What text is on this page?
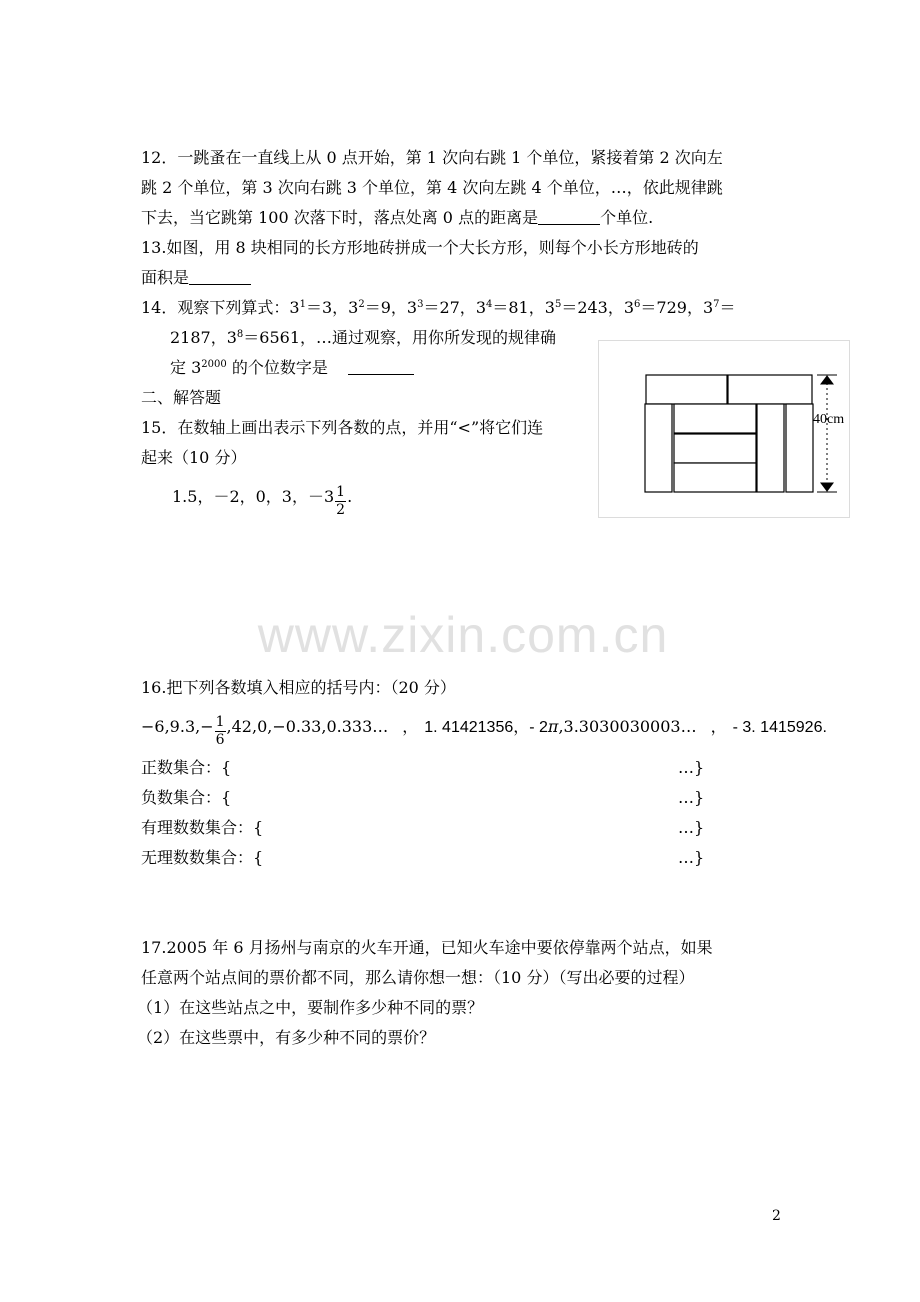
12．一跳蚤在一直线上从 0 点开始，第 1 次向右跳 1 个单位，紧接着第 2 次向左
跳 2 个单位，第 3 次向右跳 3 个单位，第 4 次向左跳 4 个单位，…，依此规律跳
下去，当它跳第 100 次落下时，落点处离 0 点的距离是	个单位.
13.如图，用 8 块相同的长方形地砖拼成一个大长方形，则每个小长方形地砖的
面积是
14．观察下列算式：$3^1=3$，$3^2=9$，$3^3=27$，$3^4=81$，$3^5=243$，$3^6=729$，$3^7=$
2187，$3^8=6561$，…通过观察，用你所发现的规律确
定 $3^{2000}$ 的个位数字是
二、解答题
15．在数轴上画出表示下列各数的点，并用“<”将它们连
起来（10 分）
1.5，－2，0，3，$-3 \frac{1}{2}$ .
40cm
www.zixin.com.cn
16.把下列各数填入相应的括号内：（20 分）
$-6,9.3,- \frac{1}{6}$ ,42,0,−0.33,0.333… ， 1. 41421356，- 2π,3.3030030003… ， - 3. 1415926.
正数集合：{	…}
负数集合：{	…}
有理数数集合：{	…}
无理数数集合：{	…}
17.2005 年 6 月扬州与南京的火车开通，已知火车途中要依停靠两个站点，如果
任意两个站点间的票价都不同，那么请你想一想：（10 分）（写出必要的过程）
（1）在这些站点之中，要制作多少种不同的票？
（2）在这些票中，有多少种不同的票价？
2
